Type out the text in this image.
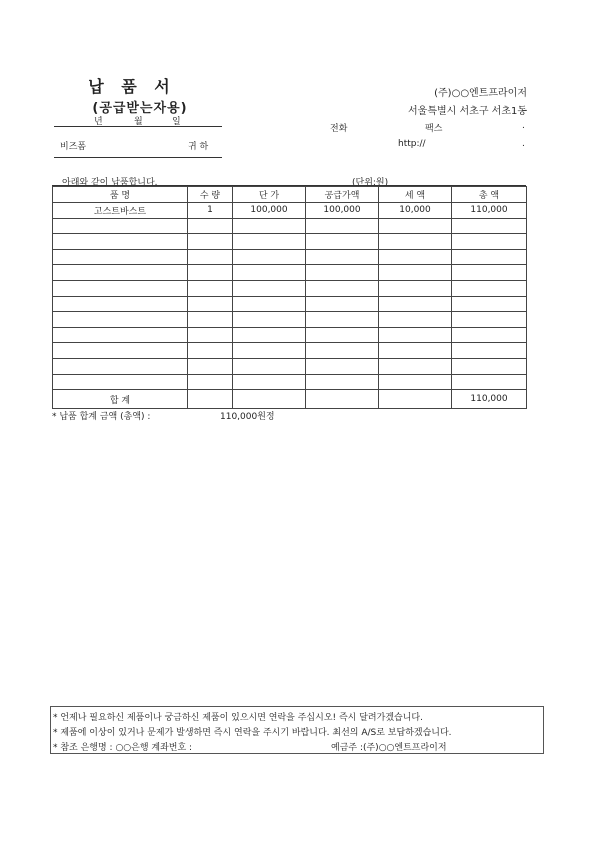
납 품 서
(공급받는자용)
년	월	일
비즈폼	귀 하
(주)○○엔트프라이저
서울특별시 서초구 서초1동
전화	팩스	.
http://	.
아래와 같이 납품합니다.	(단위:원)
품 명	수 량	단 가	공급가액	세 액	총 액
고스트바스트	1	100,000	100,000	10,000	110,000

합 계					110,000
* 납품 합계 금액 (총액) :	110,000원정
* 언제나 필요하신 제품이나 궁금하신 제품이 있으시면 연락을 주십시오! 즉시 달려가겠습니다.
* 제품에 이상이 있거나 문제가 발생하면 즉시 연락을 주시기 바랍니다. 최선의 A/S로 보답하겠습니다.
* 참조 은행명 : ○○은행 계좌번호 :	예금주 :(주)○○엔트프라이저
